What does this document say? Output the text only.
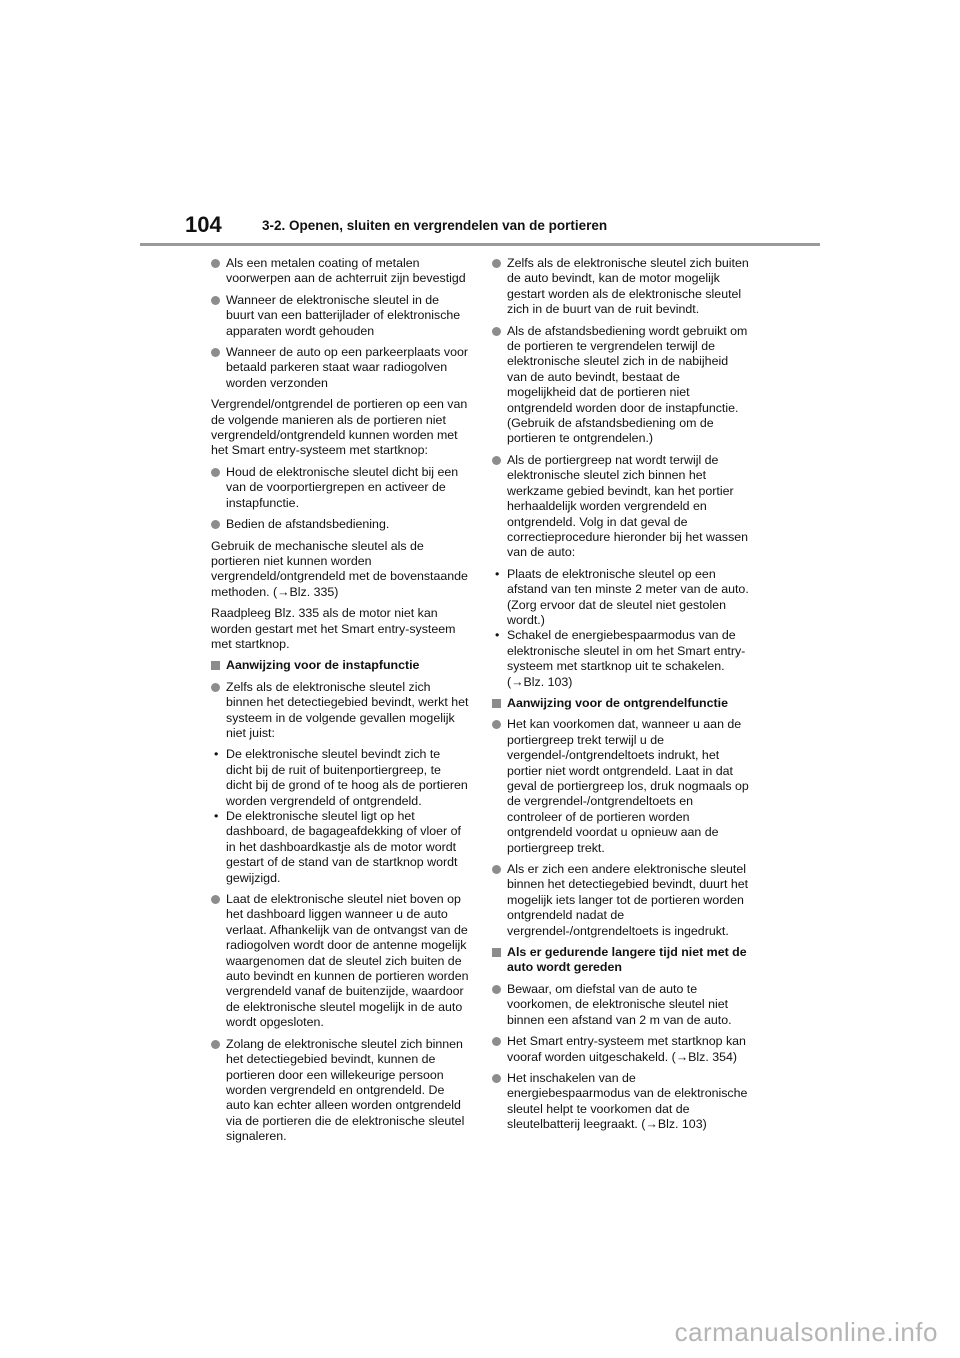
104	3-2. Openen, sluiten en vergrendelen van de portieren
Als een metalen coating of metalen voorwerpen aan de achterruit zijn bevestigd
Wanneer de elektronische sleutel in de buurt van een batterijlader of elektronische apparaten wordt gehouden
Wanneer de auto op een parkeerplaats voor betaald parkeren staat waar radiogolven worden verzonden

Vergrendel/ontgrendel de portieren op een van de volgende manieren als de portieren niet vergrendeld/ontgrendeld kunnen worden met het Smart entry-systeem met startknop:

Houd de elektronische sleutel dicht bij een van de voorportiergrepen en activeer de instapfunctie.
Bedien de afstandsbediening.

Gebruik de mechanische sleutel als de portieren niet kunnen worden vergrendeld/ontgrendeld met de bovenstaande methoden. (→Blz. 335)

Raadpleeg Blz. 335 als de motor niet kan worden gestart met het Smart entry-systeem met startknop.

Aanwijzing voor de instapfunctie
Zelfs als de elektronische sleutel zich binnen het detectiegebied bevindt, werkt het systeem in de volgende gevallen mogelijk niet juist:
• De elektronische sleutel bevindt zich te dicht bij de ruit of buitenportiergreep, te dicht bij de grond of te hoog als de portieren worden vergrendeld of ontgrendeld.
• De elektronische sleutel ligt op het dashboard, de bagageafdekking of vloer of in het dashboardkastje als de motor wordt gestart of de stand van de startknop wordt gewijzigd.
Laat de elektronische sleutel niet boven op het dashboard liggen wanneer u de auto verlaat. Afhankelijk van de ontvangst van de radiogolven wordt door de antenne mogelijk waargenomen dat de sleutel zich buiten de auto bevindt en kunnen de portieren worden vergrendeld vanaf de buitenzijde, waardoor de elektronische sleutel mogelijk in de auto wordt opgesloten.
Zolang de elektronische sleutel zich binnen het detectiegebied bevindt, kunnen de portieren door een willekeurige persoon worden vergrendeld en ontgrendeld. De auto kan echter alleen worden ontgrendeld via de portieren die de elektronische sleutel signaleren.
Zelfs als de elektronische sleutel zich buiten de auto bevindt, kan de motor mogelijk gestart worden als de elektronische sleutel zich in de buurt van de ruit bevindt.
Als de afstandsbediening wordt gebruikt om de portieren te vergrendelen terwijl de elektronische sleutel zich in de nabijheid van de auto bevindt, bestaat de mogelijkheid dat de portieren niet ontgrendeld worden door de instapfunctie. (Gebruik de afstandsbediening om de portieren te ontgrendelen.)
Als de portiergreep nat wordt terwijl de elektronische sleutel zich binnen het werkzame gebied bevindt, kan het portier herhaaldelijk worden vergrendeld en ontgrendeld. Volg in dat geval de correctieprocedure hieronder bij het wassen van de auto:
• Plaats de elektronische sleutel op een afstand van ten minste 2 meter van de auto. (Zorg ervoor dat de sleutel niet gestolen wordt.)
• Schakel de energiebespaarmodus van de elektronische sleutel in om het Smart entry-systeem met startknop uit te schakelen. (→Blz. 103)
Aanwijzing voor de ontgrendelfunctie
Het kan voorkomen dat, wanneer u aan de portiergreep trekt terwijl u de vergendel-/ontgrendeltoets indrukt, het portier niet wordt ontgrendeld. Laat in dat geval de portiergreep los, druk nogmaals op de vergrendel-/ontgrendeltoets en controleer of de portieren worden ontgrendeld voordat u opnieuw aan de portiergreep trekt.
Als er zich een andere elektronische sleutel binnen het detectiegebied bevindt, duurt het mogelijk iets langer tot de portieren worden ontgrendeld nadat de vergrendel-/ontgrendeltoets is ingedrukt.
Als er gedurende langere tijd niet met de auto wordt gereden
Bewaar, om diefstal van de auto te voorkomen, de elektronische sleutel niet binnen een afstand van 2 m van de auto.
Het Smart entry-systeem met startknop kan vooraf worden uitgeschakeld. (→Blz. 354)
Het inschakelen van de energiebespaarmodus van de elektronische sleutel helpt te voorkomen dat de sleutelbatterij leegraakt. (→Blz. 103)
carmanualsonline.info
